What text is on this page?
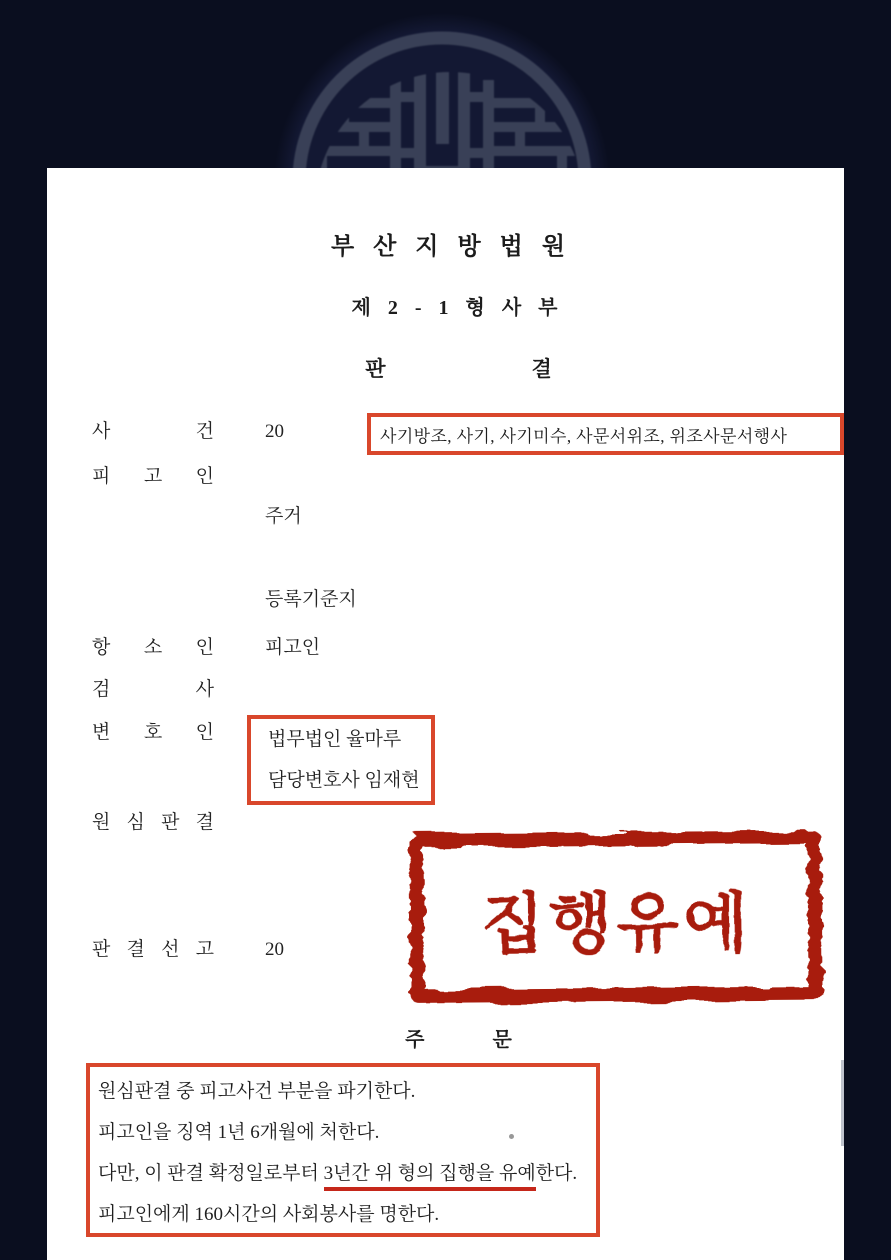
부산지방법원
제 2 - 1 형 사 부
판	결
사	건	20	사기방조, 사기, 사기미수, 사문서위조, 위조사문서행사
피 고 인
주거
등록기준지
항 소 인	피고인
검	사
변 호 인	법무법인 율마루
담당변호사 임재현
원 심 판 결
집행유예
판 결 선 고	20
주	문
원심판결 중 피고사건 부분을 파기한다.
피고인을 징역 1년 6개월에 처한다.
다만, 이 판결 확정일로부터 3년간 위 형의 집행을 유예한다.
피고인에게 160시간의 사회봉사를 명한다.
